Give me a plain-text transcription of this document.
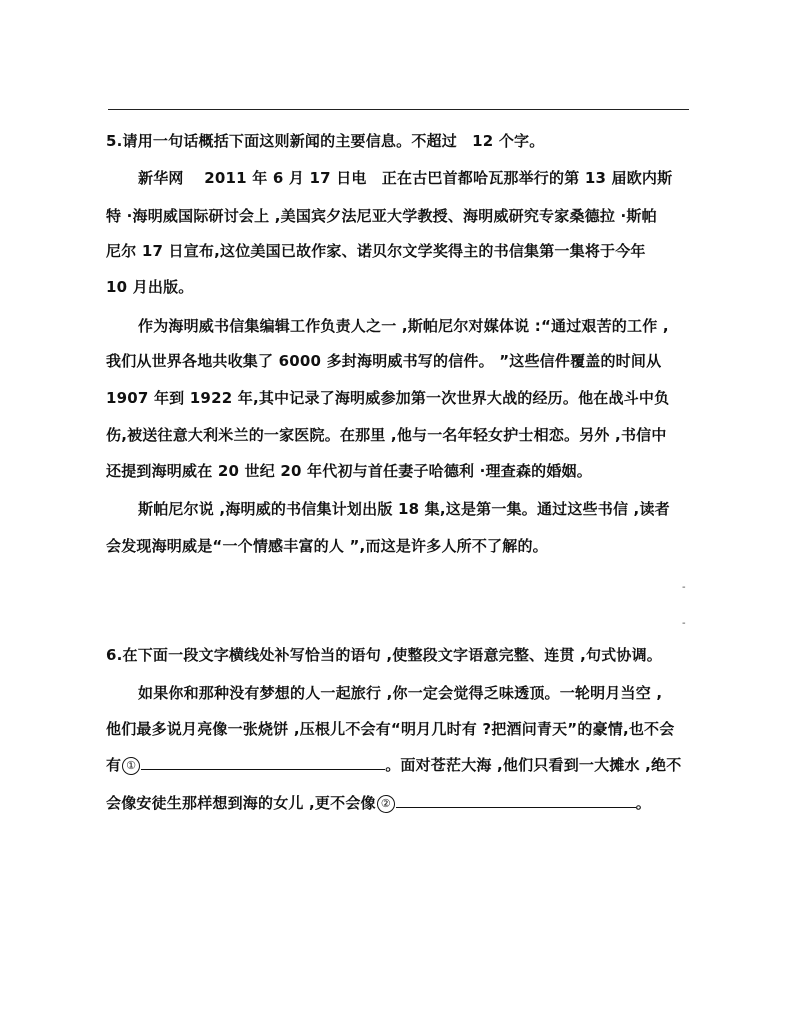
5.请用一句话概括下面这则新闻的主要信息。不超过　12 个字。
新华网　 2011 年 6 月 17 日电　正在古巴首都哈瓦那举行的第 13 届欧内斯
特 ·海明威国际研讨会上 ,美国宾夕法尼亚大学教授、海明威研究专家桑德拉 ·斯帕
尼尔 17 日宣布,这位美国已故作家、诺贝尔文学奖得主的书信集第一集将于今年
10 月出版。
作为海明威书信集编辑工作负责人之一 ,斯帕尼尔对媒体说 :“通过艰苦的工作 ,
我们从世界各地共收集了 6000 多封海明威书写的信件。 ”这些信件覆盖的时间从
1907 年到 1922 年,其中记录了海明威参加第一次世界大战的经历。他在战斗中负
伤,被送往意大利米兰的一家医院。在那里 ,他与一名年轻女护士相恋。另外 ,书信中
还提到海明威在 20 世纪 20 年代初与首任妻子哈德利 ·理查森的婚姻。
斯帕尼尔说 ,海明威的书信集计划出版 18 集,这是第一集。通过这些书信 ,读者
会发现海明威是“一个情感丰富的人 ”,而这是许多人所不了解的。
-
-
6.在下面一段文字横线处补写恰当的语句 ,使整段文字语意完整、连贯 ,句式协调。
如果你和那种没有梦想的人一起旅行 ,你一定会觉得乏味透顶。一轮明月当空 ,
他们最多说月亮像一张烧饼 ,压根儿不会有“明月几时有 ?把酒问青天”的豪情,也不会
有 ①	。面对苍茫大海 ,他们只看到一大摊水 ,绝不
会像安徒生那样想到海的女儿 ,更不会像 ②	。
